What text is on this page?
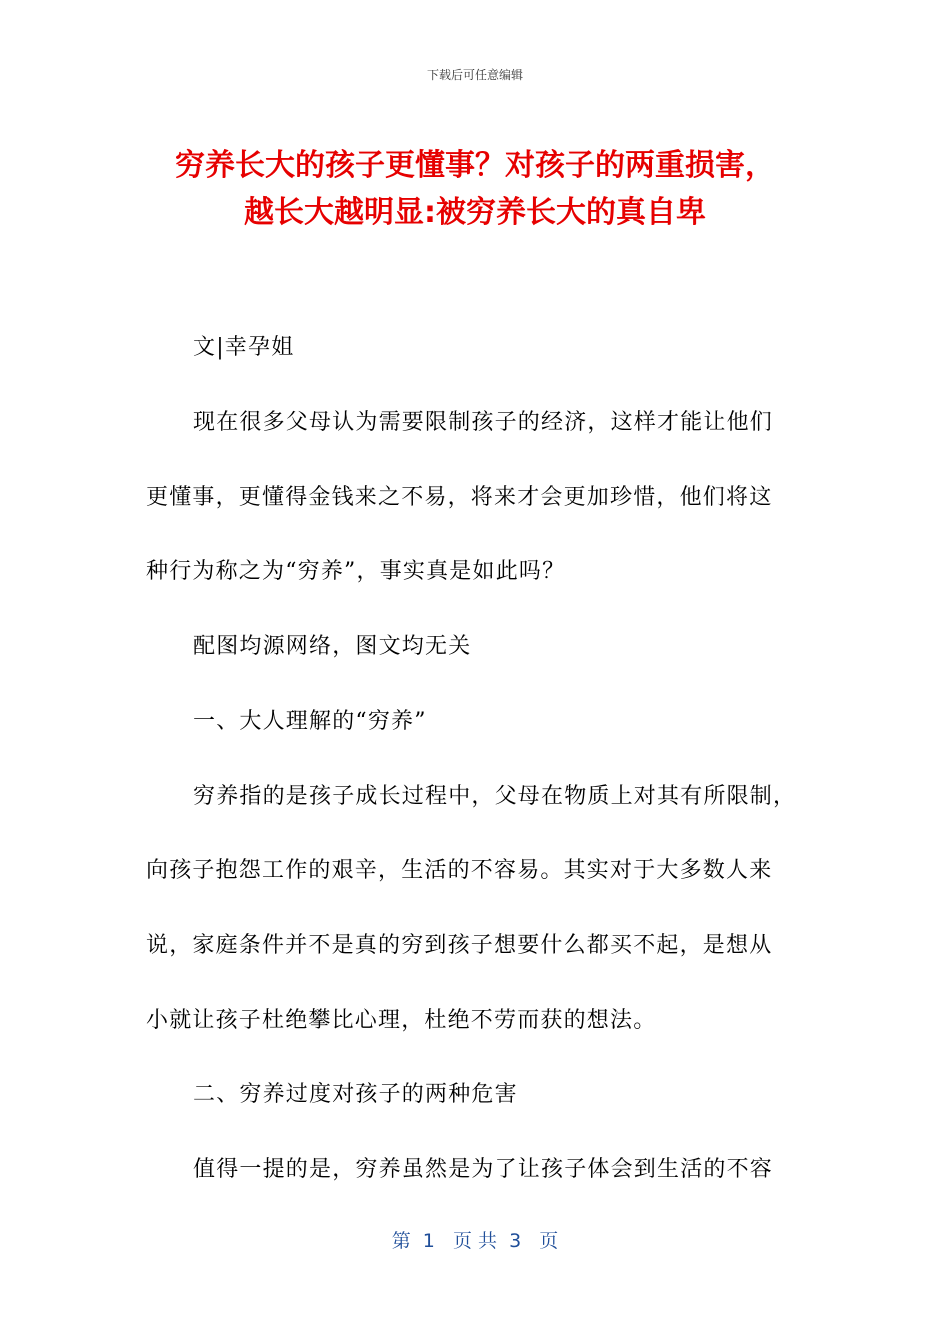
下载后可任意编辑
穷养长大的孩子更懂事？对孩子的两重损害，
越长大越明显:被穷养长大的真自卑

文|幸孕姐

现在很多父母认为需要限制孩子的经济，这样才能让他们

更懂事，更懂得金钱来之不易，将来才会更加珍惜，他们将这

种行为称之为“穷养”，事实真是如此吗？

配图均源网络，图文均无关

一、大人理解的“穷养”

穷养指的是孩子成长过程中，父母在物质上对其有所限制，

向孩子抱怨工作的艰辛，生活的不容易。其实对于大多数人来

说，家庭条件并不是真的穷到孩子想要什么都买不起，是想从

小就让孩子杜绝攀比心理，杜绝不劳而获的想法。

二、穷养过度对孩子的两种危害

值得一提的是，穷养虽然是为了让孩子体会到生活的不容

第  1   页 共  3   页
